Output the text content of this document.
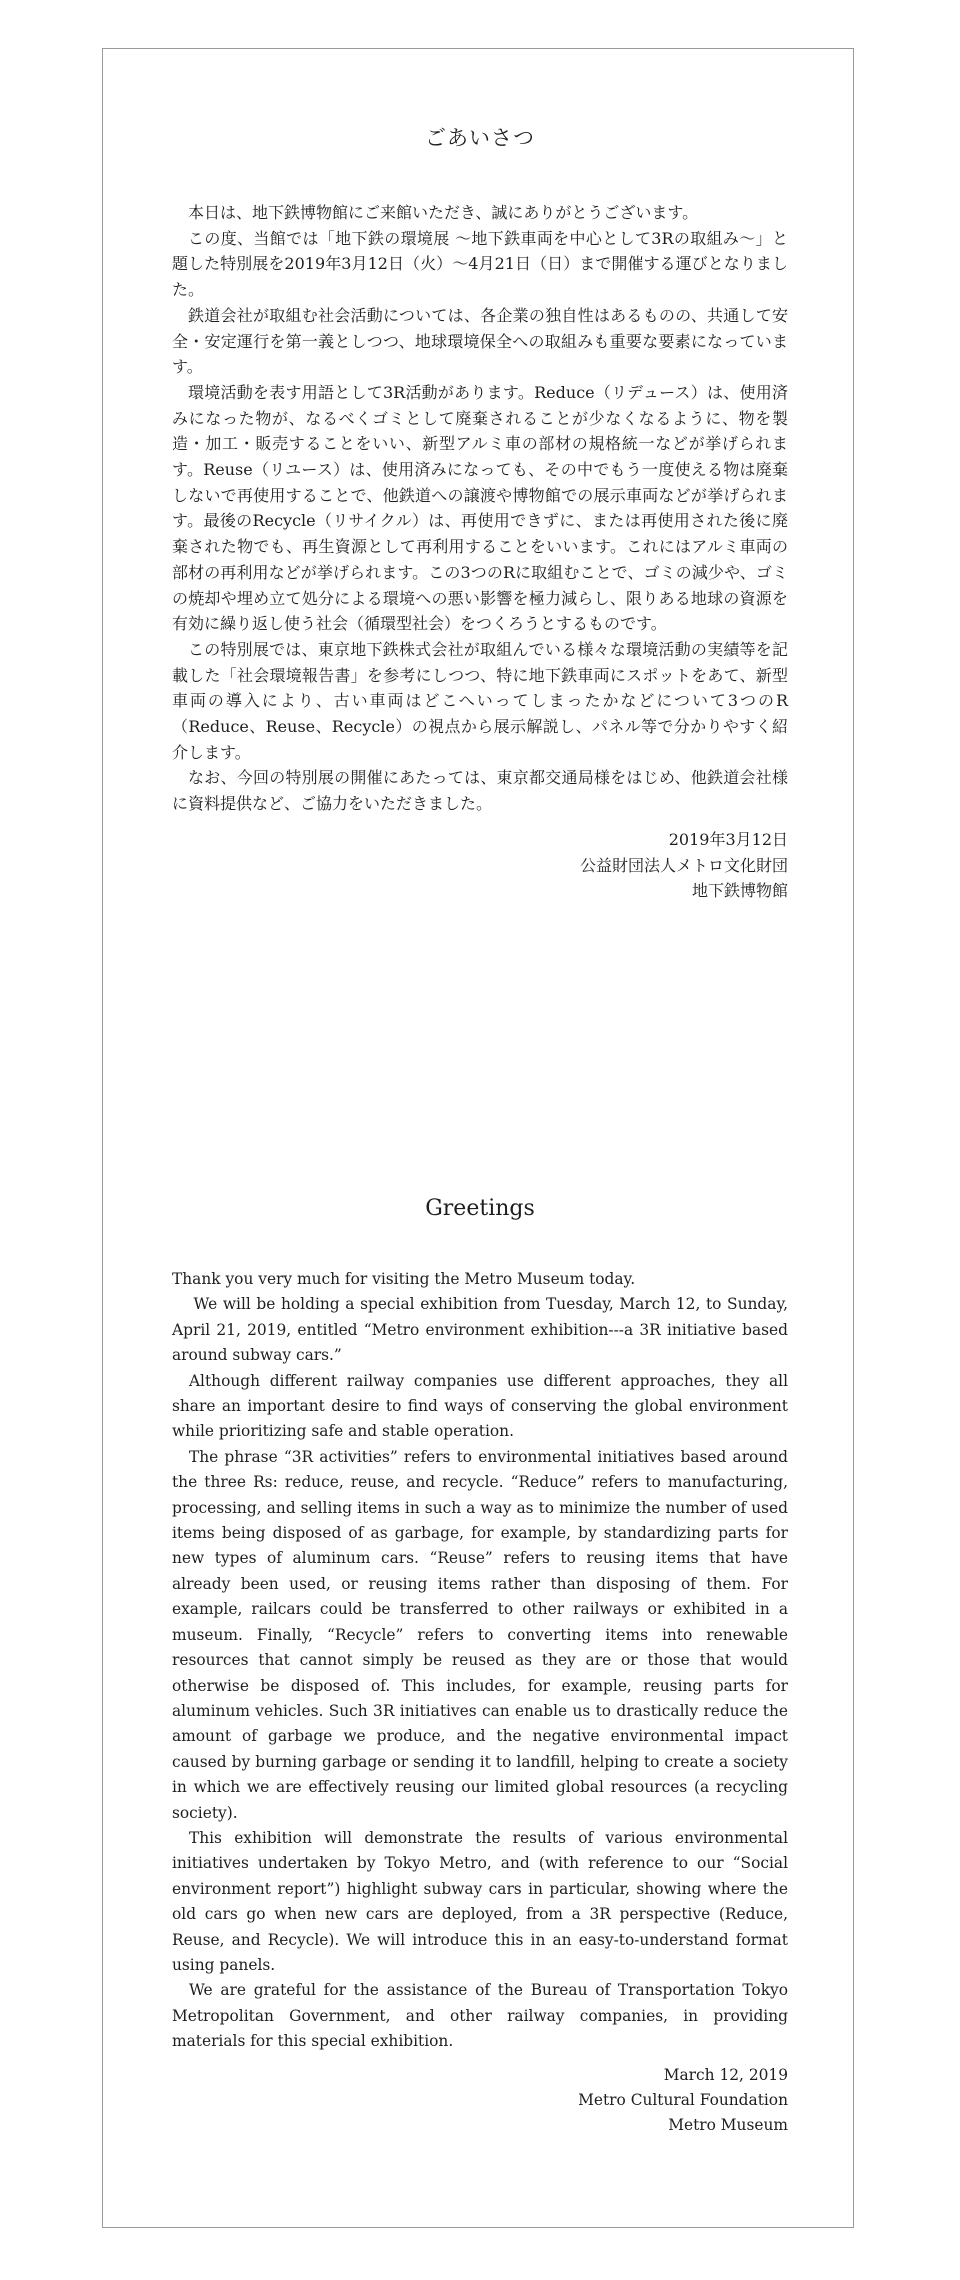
ごあいさつ

本日は、地下鉄博物館にご来館いただき、誠にありがとうございます。

この度、当館では「地下鉄の環境展 ～地下鉄車両を中心として3Rの取組み～」と題した特別展を2019年3月12日（火）～4月21日（日）まで開催する運びとなりました。

鉄道会社が取組む社会活動については、各企業の独自性はあるものの、共通して安全・安定運行を第一義としつつ、地球環境保全への取組みも重要な要素になっています。

環境活動を表す用語として3R活動があります。Reduce（リデュース）は、使用済みになった物が、なるべくゴミとして廃棄されることが少なくなるように、物を製造・加工・販売することをいい、新型アルミ車の部材の規格統一などが挙げられます。Reuse（リユース）は、使用済みになっても、その中でもう一度使える物は廃棄しないで再使用することで、他鉄道への譲渡や博物館での展示車両などが挙げられます。最後のRecycle（リサイクル）は、再使用できずに、または再使用された後に廃棄された物でも、再生資源として再利用することをいいます。これにはアルミ車両の部材の再利用などが挙げられます。この3つのRに取組むことで、ゴミの減少や、ゴミの焼却や埋め立て処分による環境への悪い影響を極力減らし、限りある地球の資源を有効に繰り返し使う社会（循環型社会）をつくろうとするものです。

この特別展では、東京地下鉄株式会社が取組んでいる様々な環境活動の実績等を記載した「社会環境報告書」を参考にしつつ、特に地下鉄車両にスポットをあて、新型車両の導入により、古い車両はどこへいってしまったかなどについて3つのR（Reduce、Reuse、Recycle）の視点から展示解説し、パネル等で分かりやすく紹介します。

なお、今回の特別展の開催にあたっては、東京都交通局様をはじめ、他鉄道会社様に資料提供など、ご協力をいただきました。

2019年3月12日
公益財団法人メトロ文化財団
地下鉄博物館
Greetings

Thank you very much for visiting the Metro Museum today.

We will be holding a special exhibition from Tuesday, March 12, to Sunday, April 21, 2019, entitled “Metro environment exhibition---a 3R initiative based around subway cars.”

Although different railway companies use different approaches, they all share an important desire to find ways of conserving the global environment while prioritizing safe and stable operation.

The phrase “3R activities” refers to environmental initiatives based around the three Rs: reduce, reuse, and recycle. “Reduce” refers to manufacturing, processing, and selling items in such a way as to minimize the number of used items being disposed of as garbage, for example, by standardizing parts for new types of aluminum cars. “Reuse” refers to reusing items that have already been used, or reusing items rather than disposing of them. For example, railcars could be transferred to other railways or exhibited in a museum. Finally, “Recycle” refers to converting items into renewable resources that cannot simply be reused as they are or those that would otherwise be disposed of. This includes, for example, reusing parts for aluminum vehicles. Such 3R initiatives can enable us to drastically reduce the amount of garbage we produce, and the negative environmental impact caused by burning garbage or sending it to landfill, helping to create a society in which we are effectively reusing our limited global resources (a recycling society).

This exhibition will demonstrate the results of various environmental initiatives undertaken by Tokyo Metro, and (with reference to our “Social environment report”) highlight subway cars in particular, showing where the old cars go when new cars are deployed, from a 3R perspective (Reduce, Reuse, and Recycle). We will introduce this in an easy-to-understand format using panels.

We are grateful for the assistance of the Bureau of Transportation Tokyo Metropolitan Government, and other railway companies, in providing materials for this special exhibition.

March 12, 2019
Metro Cultural Foundation
Metro Museum
